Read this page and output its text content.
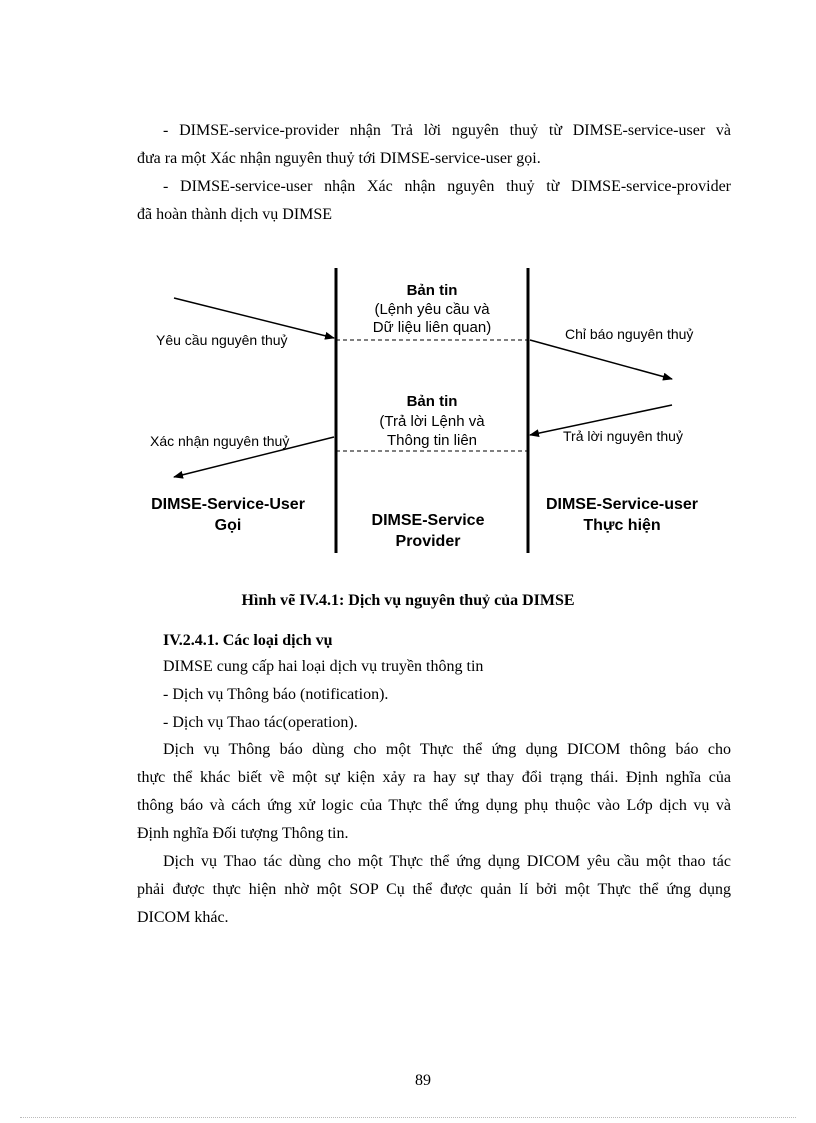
- DIMSE-service-provider nhận Trả lời nguyên thuỷ từ DIMSE-service-user và
đưa ra một Xác nhận nguyên thuỷ tới DIMSE-service-user gọi.
- DIMSE-service-user nhận Xác nhận nguyên thuỷ từ DIMSE-service-provider
đã hoàn thành dịch vụ DIMSE
Bản tin
(Lệnh yêu cầu và
Dữ liệu liên quan)
Bản tin
(Trả lời Lệnh và
Thông tin liên
Yêu cầu nguyên thuỷ	Chỉ báo nguyên thuỷ
Xác nhận nguyên thuỷ	Trả lời nguyên thuỷ
DIMSE-Service-User
Gọi	DIMSE-Service
Provider
DIMSE-Service-user
Thực hiện
Hình vẽ IV.4.1: Dịch vụ nguyên thuỷ của DIMSE
IV.2.4.1. Các loại dịch vụ
DIMSE cung cấp hai loại dịch vụ truyền thông tin
- Dịch vụ Thông báo (notification).
- Dịch vụ Thao tác(operation).
Dịch vụ Thông báo dùng cho một Thực thể ứng dụng DICOM thông báo cho
thực thể khác biết về một sự kiện xảy ra hay sự thay đổi trạng thái. Định nghĩa của
thông báo và cách ứng xử logic của Thực thể ứng dụng phụ thuộc vào Lớp dịch vụ và
Định nghĩa Đối tượng Thông tin.
Dịch vụ Thao tác dùng cho một Thực thể ứng dụng DICOM yêu cầu một thao tác
phải được thực hiện nhờ một SOP Cụ thể được quản lí bởi một Thực thể ứng dụng
DICOM khác.
89
